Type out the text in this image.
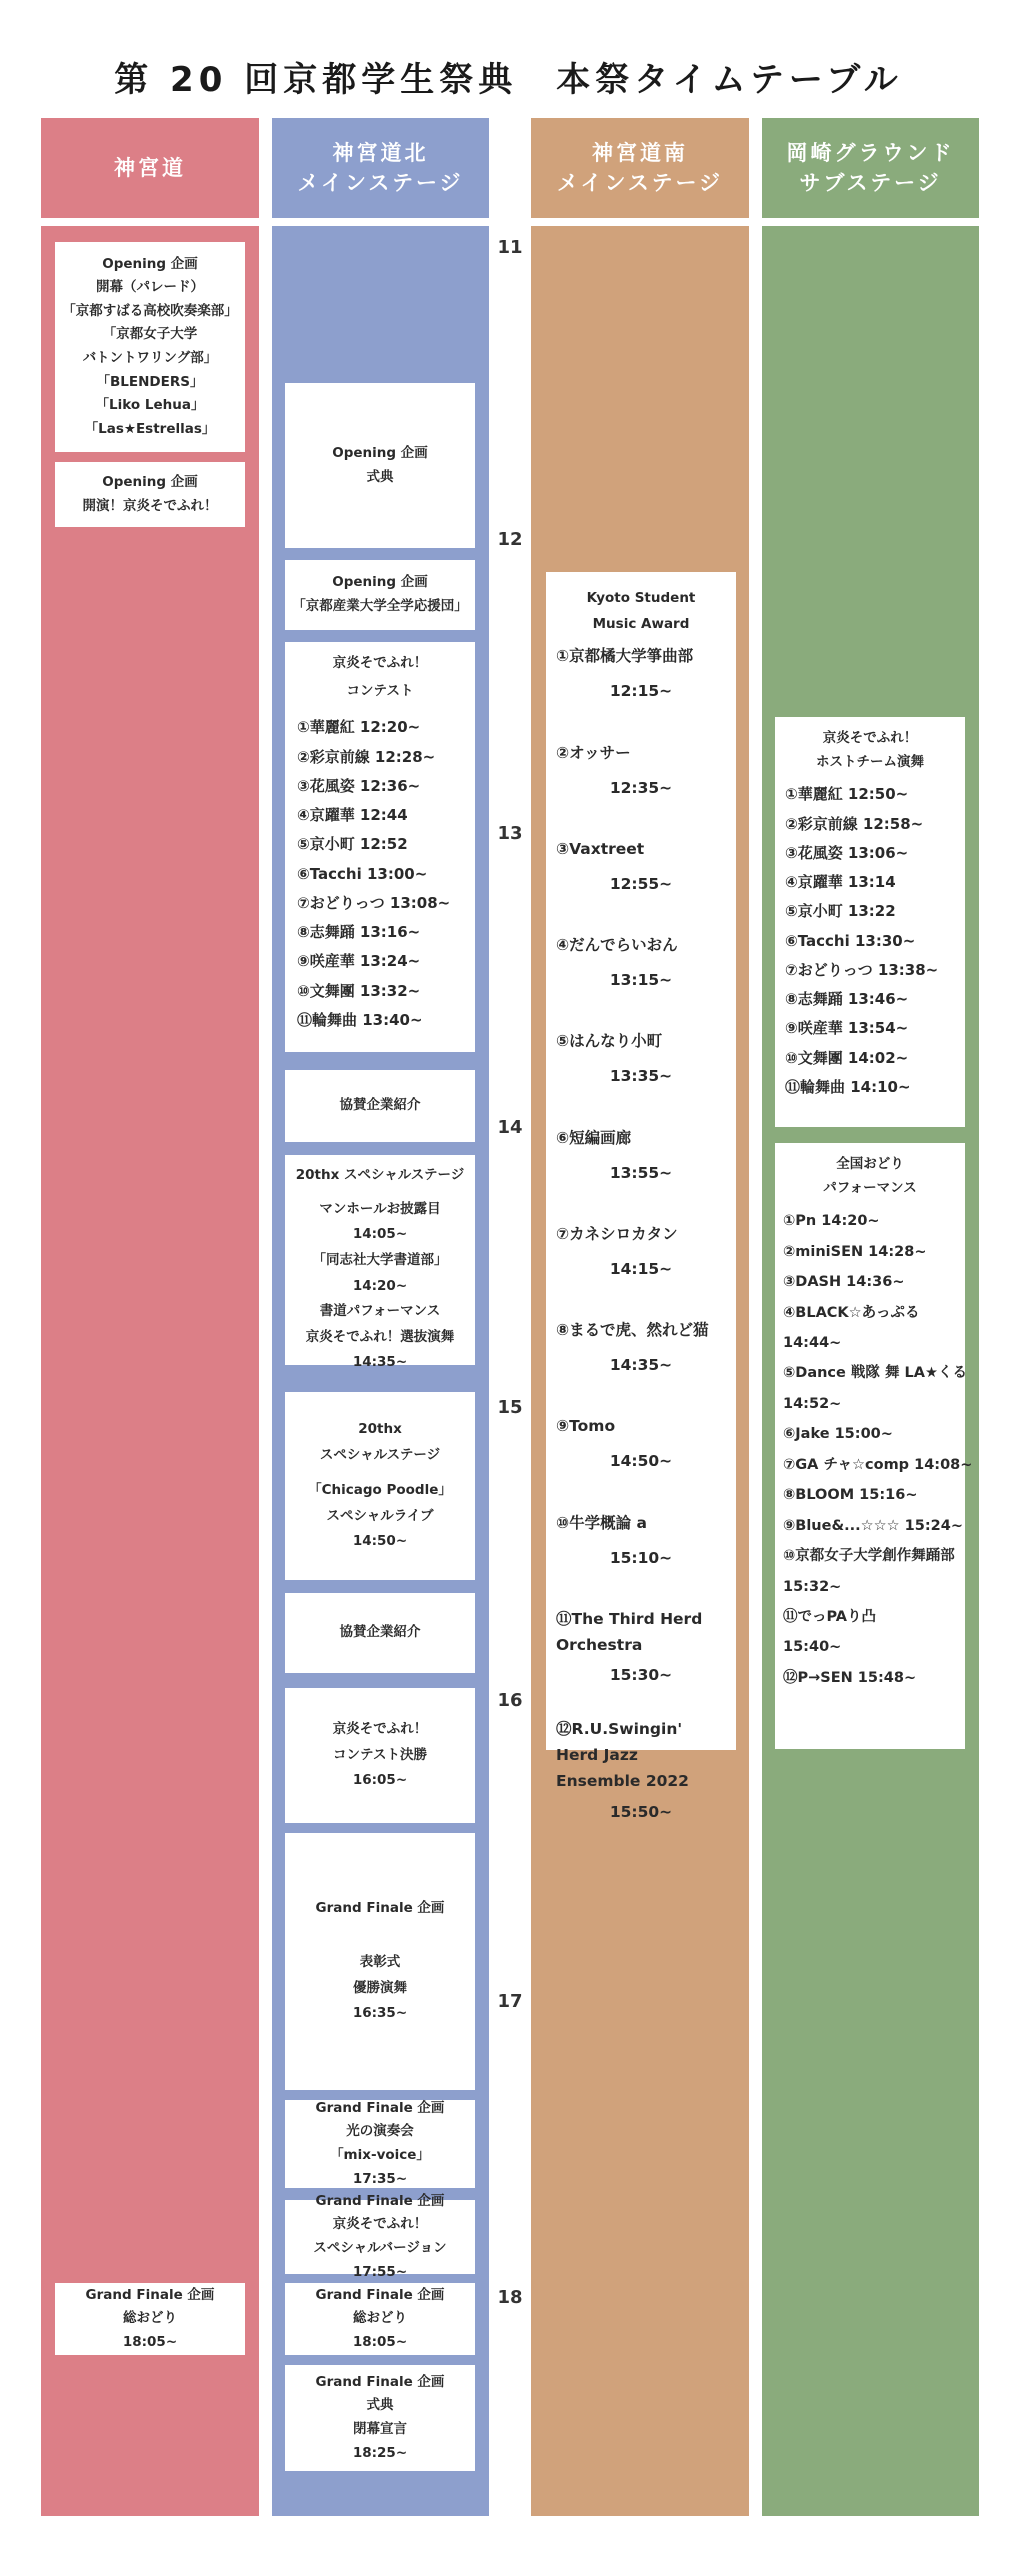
第 20 回京都学生祭典　本祭タイムテーブル
神宮道
神宮道北
メインステージ
神宮道南
メインステージ
岡崎グラウンド
サブステージ
11
12
13
14
15
16
17
18
Opening 企画
開幕（パレード）
「京都すばる高校吹奏楽部」
「京都女子大学
バトントワリング部」
「BLENDERS」
「Liko Lehua」
「Las★Estrellas」
Opening 企画
開演！京炎そでふれ！
Grand Finale 企画
総おどり
18:05~
Opening 企画
式典
Opening 企画
「京都産業大学全学応援団」
京炎そでふれ！
コンテスト
①華麗紅 12:20~
②彩京前線 12:28~
③花風姿 12:36~
④京躍華 12:44
⑤京小町 12:52
⑥Tacchi 13:00~
⑦おどりっつ 13:08~
⑧志舞踊 13:16~
⑨咲産華 13:24~
⑩文舞團 13:32~
⑪輪舞曲 13:40~
協賛企業紹介
20thx スペシャルステージ
マンホールお披露目
14:05~
「同志社大学書道部」
14:20~
書道パフォーマンス
京炎そでふれ！選抜演舞
14:35~
20thx
スペシャルステージ
「Chicago Poodle」
スペシャルライブ
14:50~
協賛企業紹介
京炎そでふれ！
コンテスト決勝
16:05~
Grand Finale 企画
表彰式
優勝演舞
16:35~
Grand Finale 企画
光の演奏会
「mix-voice」
17:35~
Grand Finale 企画
京炎そでふれ！
スペシャルバージョン
17:55~
Grand Finale 企画
総おどり
18:05~
Grand Finale 企画
式典
閉幕宣言
18:25~
Kyoto Student
Music Award
①京都橘大学箏曲部
12:15~
②オッサー
12:35~
③Vaxtreet
12:55~
④だんでらいおん
13:15~
⑤はんなり小町
13:35~
⑥短編画廊
13:55~
⑦カネシロカタン
14:15~
⑧まるで虎、然れど猫
14:35~
⑨Tomo
14:50~
⑩牛学概論 a
15:10~
⑪The Third Herd Orchestra
15:30~
⑫R.U.Swingin' Herd Jazz Ensemble 2022
15:50~
京炎そでふれ！
ホストチーム演舞
①華麗紅 12:50~
②彩京前線 12:58~
③花風姿 13:06~
④京躍華 13:14
⑤京小町 13:22
⑥Tacchi 13:30~
⑦おどりっつ 13:38~
⑧志舞踊 13:46~
⑨咲産華 13:54~
⑩文舞團 14:02~
⑪輪舞曲 14:10~
全国おどり
パフォーマンス
①Pn 14:20~
②miniSEN 14:28~
③DASH 14:36~
④BLACK☆あっぷる
14:44~
⑤Dance 戦隊 舞 LA★くる
14:52~
⑥Jake 15:00~
⑦GA チャ☆comp 14:08~
⑧BLOOM 15:16~
⑨Blue&...☆☆☆ 15:24~
⑩京都女子大学創作舞踊部
15:32~
⑪でっPAり凸
15:40~
⑫P→SEN 15:48~
